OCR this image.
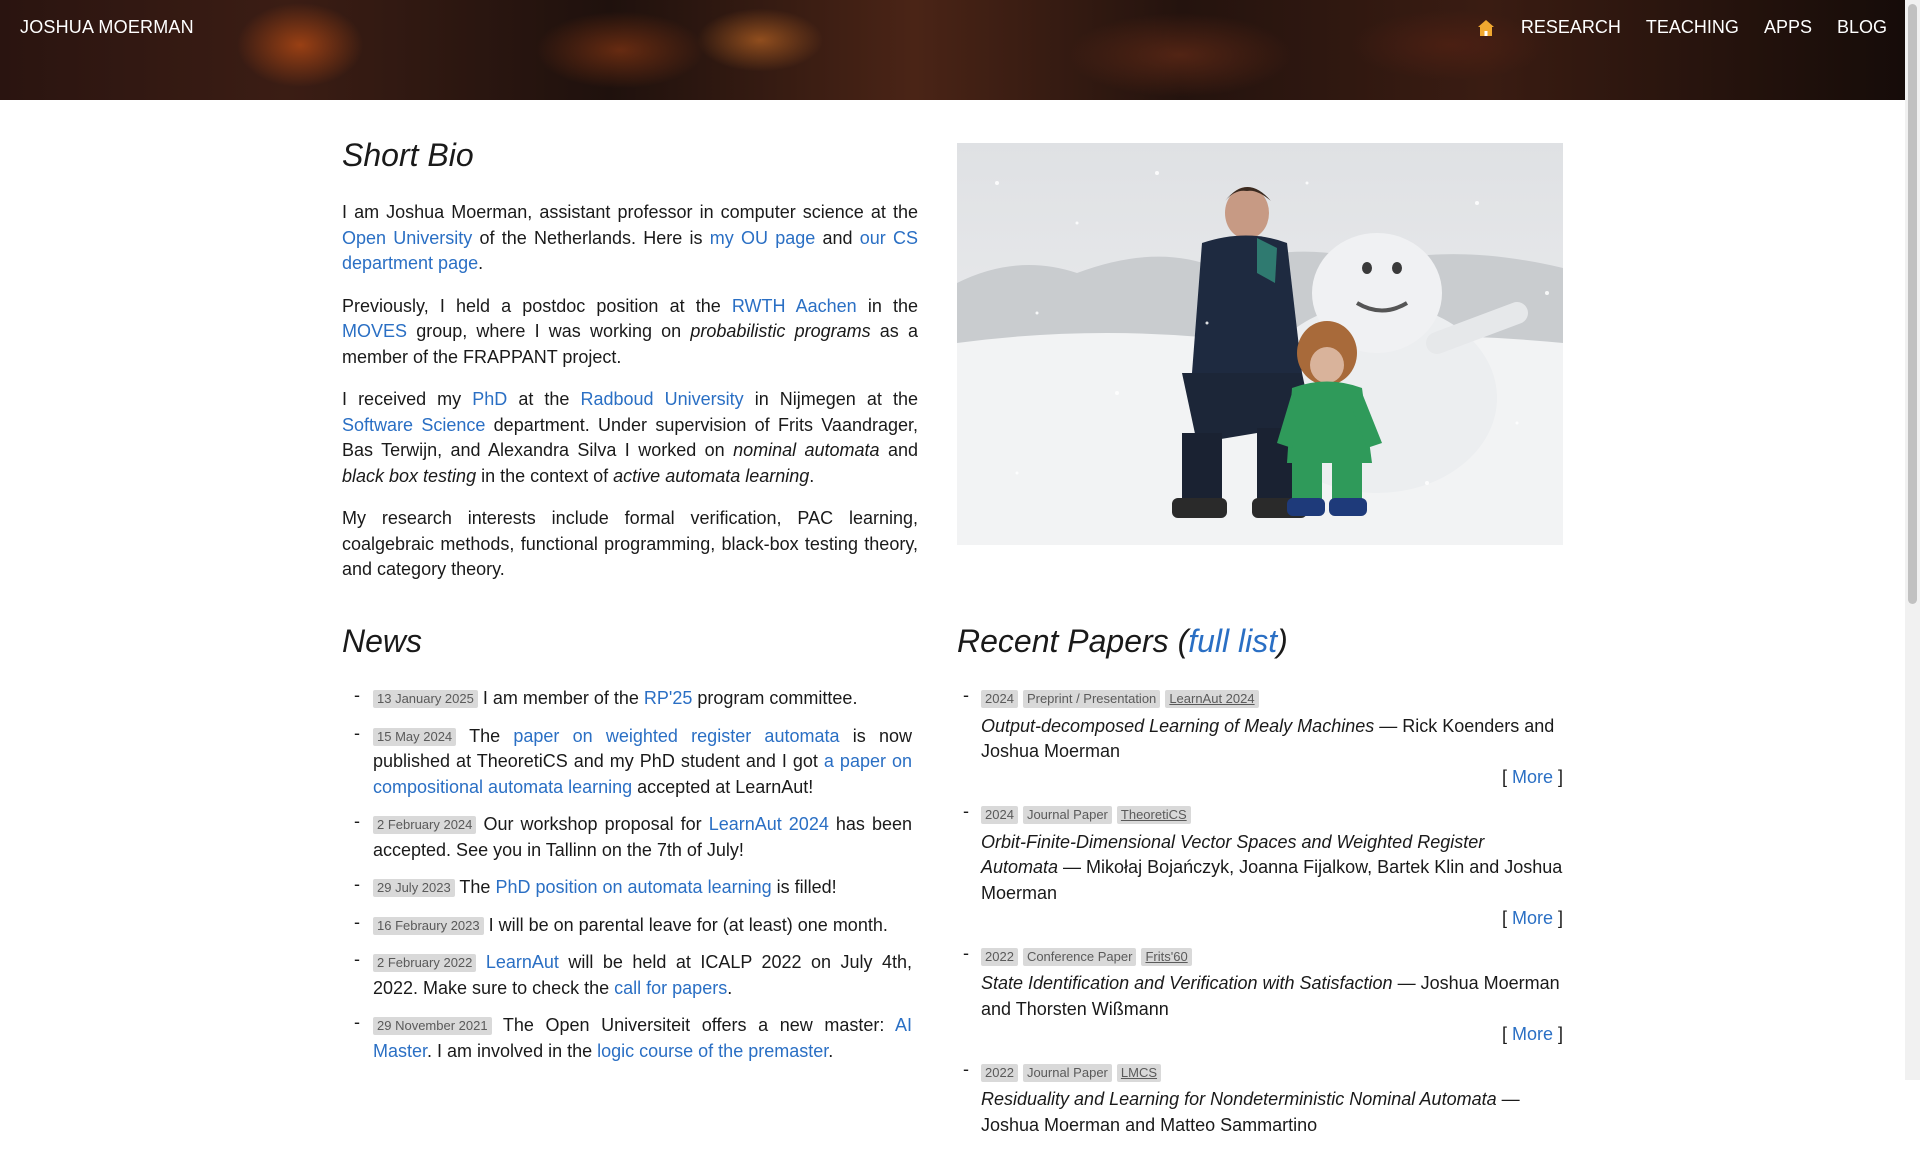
JOSHUA MOERMAN	RESEARCH TEACHING APPS BLOG
Short Bio

I am Joshua Moerman, assistant professor in computer science at the Open University of the Netherlands. Here is my OU page and our CS department page.

Previously, I held a postdoc position at the RWTH Aachen in the MOVES group, where I was working on probabilistic programs as a member of the FRAPPANT project.

I received my PhD at the Radboud University in Nijmegen at the Software Science department. Under supervision of Frits Vaandrager, Bas Terwijn, and Alexandra Silva I worked on nominal automata and black box testing in the context of active automata learning.

My research interests include formal verification, PAC learning, coalgebraic methods, functional programming, black-box testing theory, and category theory.

News
- 13 January 2025 I am member of the RP'25 program committee.
- 15 May 2024 The paper on weighted register automata is now published at TheoretiCS and my PhD student and I got a paper on compositional automata learning accepted at LearnAut!
- 2 February 2024 Our workshop proposal for LearnAut 2024 has been accepted. See you in Tallinn on the 7th of July!
- 29 July 2023 The PhD position on automata learning is filled!
- 16 Febraury 2023 I will be on parental leave for (at least) one month.
- 2 February 2022 LearnAut will be held at ICALP 2022 on July 4th, 2022. Make sure to check the call for papers.
- 29 November 2021 The Open Universiteit offers a new master: AI Master. I am involved in the logic course of the premaster.
Recent Papers (full list)
- 2024 Preprint / Presentation LearnAut 2024
Output-decomposed Learning of Mealy Machines — Rick Koenders and Joshua Moerman
[ More ]
- 2024 Journal Paper TheoretiCS
Orbit-Finite-Dimensional Vector Spaces and Weighted Register Automata — Mikołaj Bojańczyk, Joanna Fijalkow, Bartek Klin and Joshua Moerman
[ More ]
- 2022 Conference Paper Frits'60
State Identification and Verification with Satisfaction — Joshua Moerman and Thorsten Wißmann
[ More ]
- 2022 Journal Paper LMCS
Residuality and Learning for Nondeterministic Nominal Automata — Joshua Moerman and Matteo Sammartino
